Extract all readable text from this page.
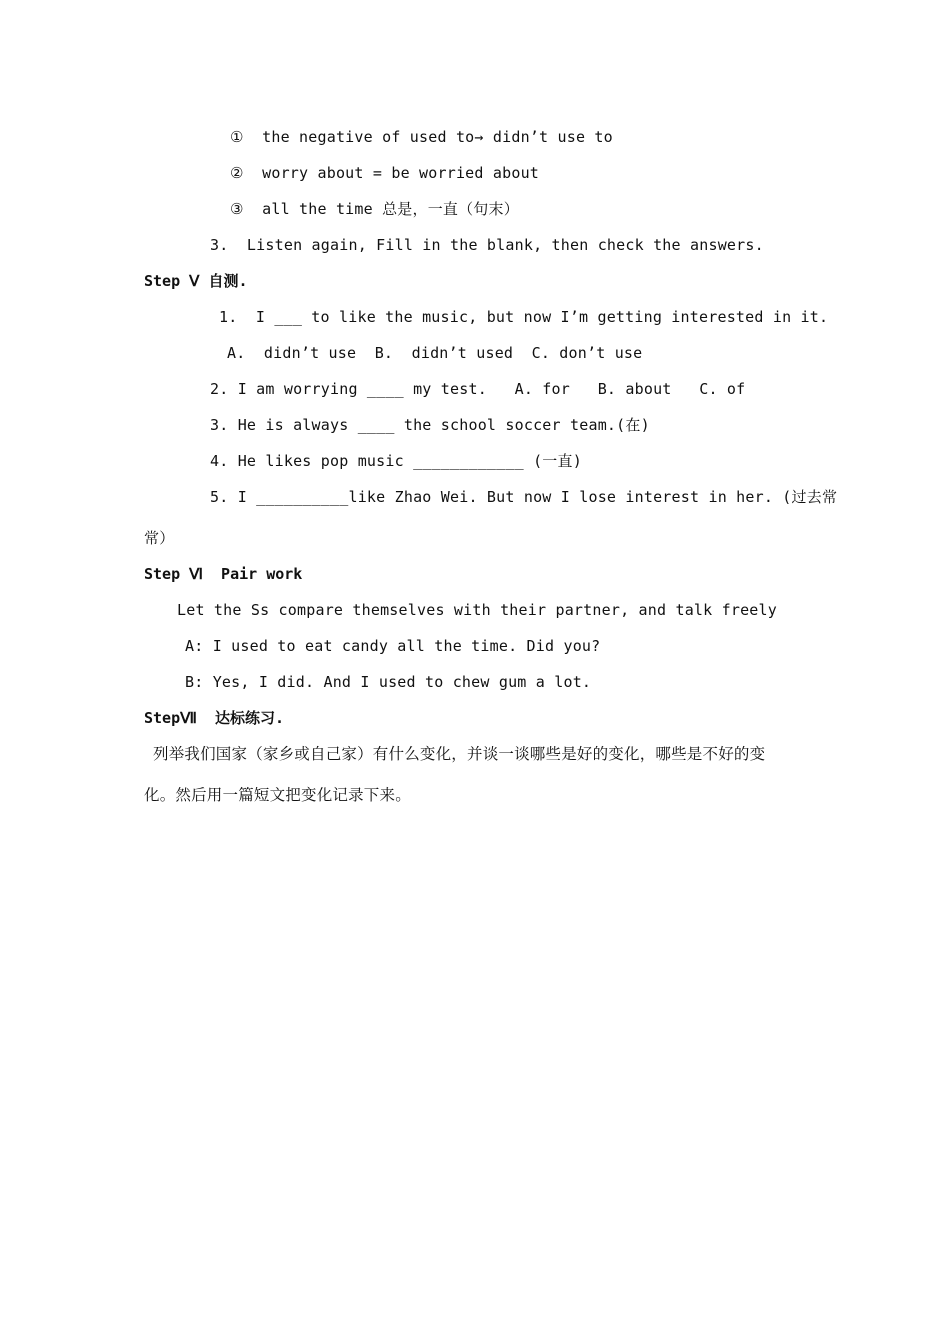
①  the negative of used to→ didn’t use to
②  worry about = be worried about
③  all the time 总是，一直（句末）
3.  Listen again, Fill in the blank, then check the answers.
Step Ⅴ 自测.
1.  I ___ to like the music, but now I’m getting interested in it.
A.  didn’t use  B.  didn’t used  C. don’t use
2. I am worrying ____ my test.   A. for   B. about   C. of
3. He is always ____ the school soccer team.(在)
4. He likes pop music ____________ (一直)
5. I __________like Zhao Wei. But now I lose interest in her. (过去常
常）
Step Ⅵ  Pair work
Let the Ss compare themselves with their partner, and talk freely
A: I used to eat candy all the time. Did you?
B: Yes, I did. And I used to chew gum a lot.
StepⅦ  达标练习.
列举我们国家（家乡或自己家）有什么变化，并谈一谈哪些是好的变化，哪些是不好的变
化。然后用一篇短文把变化记录下来。
